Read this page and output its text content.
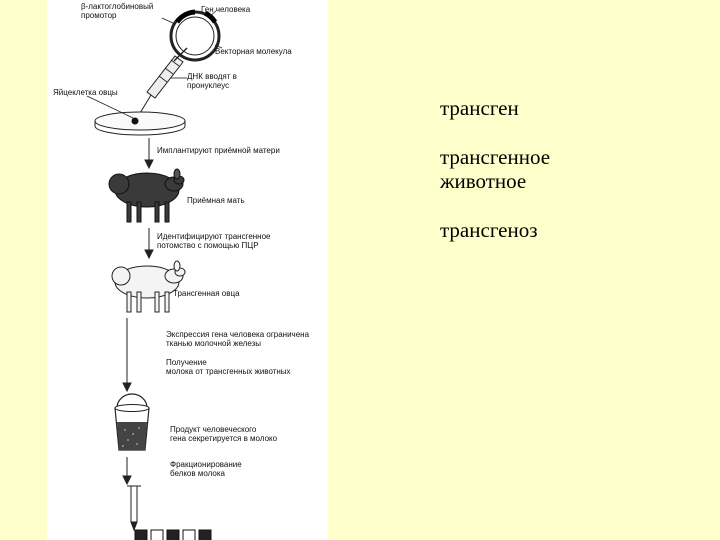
β-лактоглобиновый
промотор
Ген человека
Векторная молекула
ДНК вводят в
пронуклеус
Яйцеклетка овцы
Имплантируют приёмной матери
Приёмная мать
Идентифицируют трансгенное
потомство с помощью ПЦР
Трансгенная овца
Экспрессия гена человека ограничена
тканью молочной железы
Получение
молока от трансгенных животных
Продукт человеческого
гена секретируется в молоко
Фракционирование
белков молока
трансген
трансгенное
животное
трансгеноз
